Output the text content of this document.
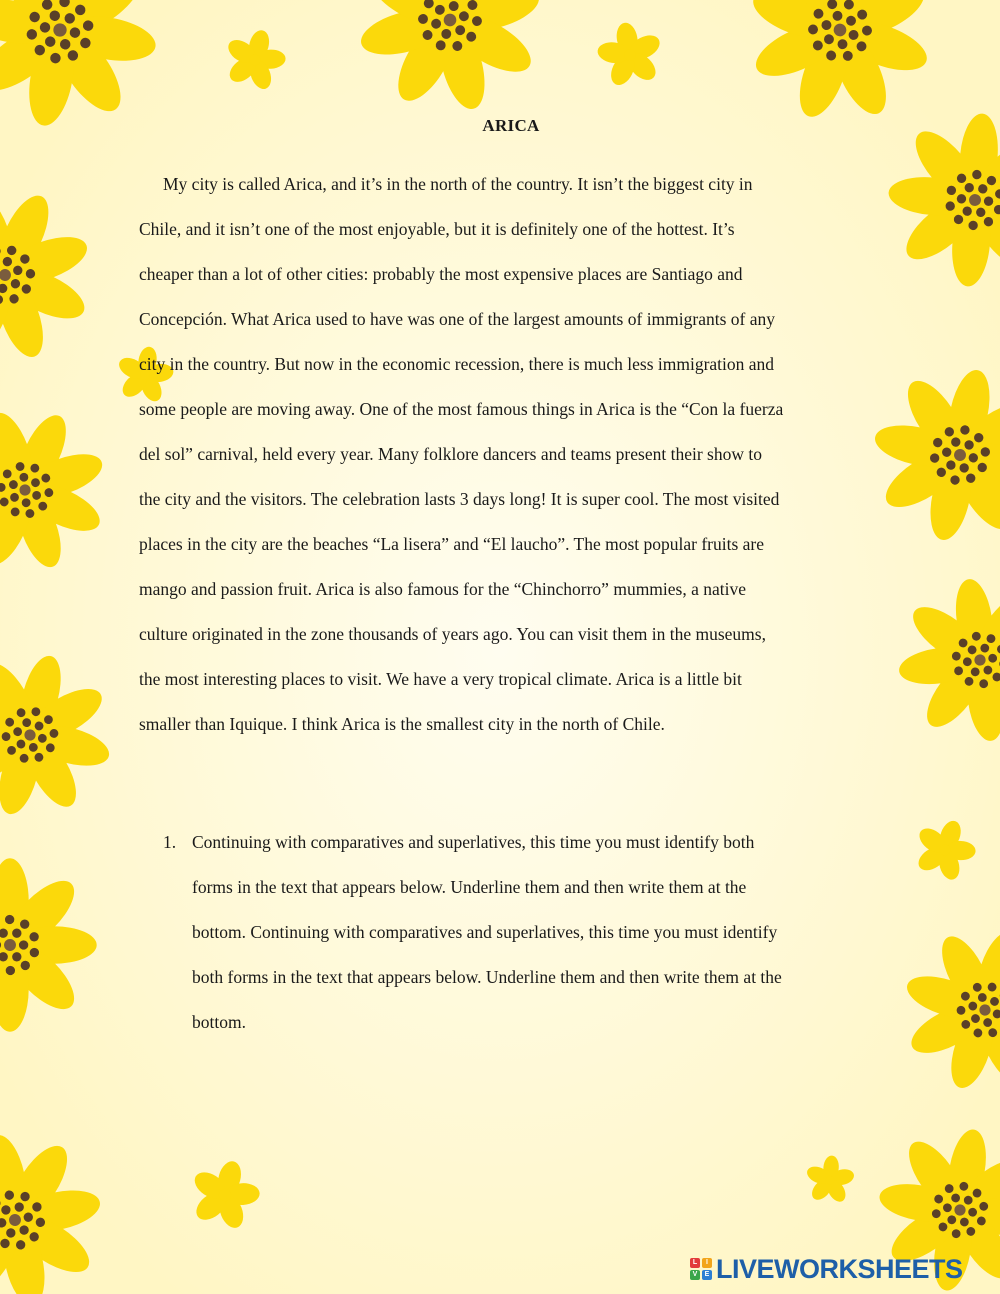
ARICA
My city is called Arica, and it’s in the north of the country. It isn’t the biggest city in
Chile, and it isn’t one of the most enjoyable, but it is definitely one of the hottest. It’s
cheaper than a lot of other cities: probably the most expensive places are Santiago and
Concepción. What Arica used to have was one of the largest amounts of immigrants of any
city in the country. But now in the economic recession, there is much less immigration and
some people are moving away. One of the most famous things in Arica is the “Con la fuerza
del sol” carnival, held every year. Many folklore dancers and teams present their show to
the city and the visitors. The celebration lasts 3 days long! It is super cool. The most visited
places in the city are the beaches “La lisera” and “El laucho”. The most popular fruits are
mango and passion fruit. Arica is also famous for the “Chinchorro” mummies, a native
culture originated in the zone thousands of years ago. You can visit them in the museums,
the most interesting places to visit. We have a very tropical climate. Arica is a little bit
smaller than Iquique. I think Arica is the smallest city in the north of Chile.
1. Continuing with comparatives and superlatives, this time you must identify both
forms in the text that appears below. Underline them and then write them at the
bottom. Continuing with comparatives and superlatives, this time you must identify
both forms in the text that appears below. Underline them and then write them at the
bottom.
L	I
V	E LIVEWORKSHEETS
